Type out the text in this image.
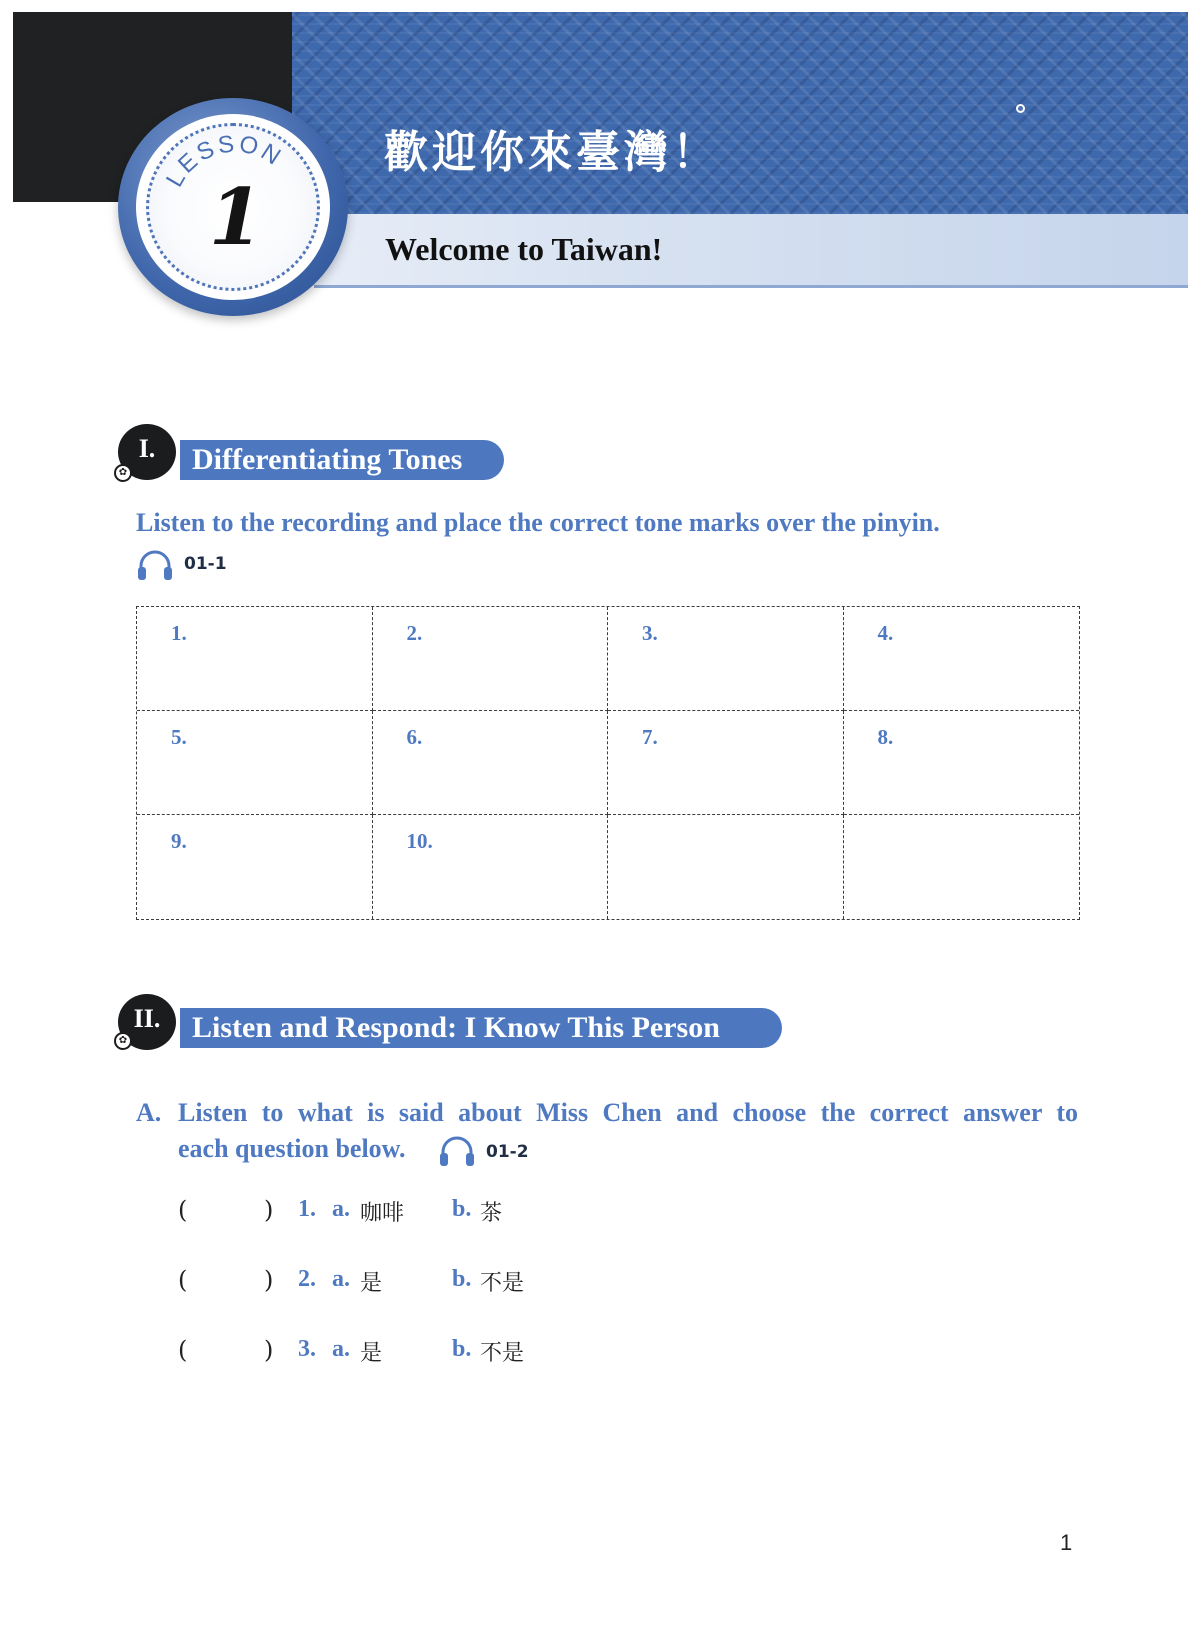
LESSON
1
歡迎你來臺灣！
Welcome to Taiwan!
I.
✿	Differentiating Tones
Listen to the recording and place the correct tone marks over the pinyin.
01-1
1.	2.	3.	4.
5.	6.	7.	8.
9.	10.
II.
✿	Listen and Respond: I Know This Person
A. Listen to what is said about Miss Chen and choose the correct answer to
each question below.	01-2
(	) 1. a. 咖啡 b. 茶
(	) 2. a. 是	b. 不是
(	) 3. a. 是	b. 不是
1
